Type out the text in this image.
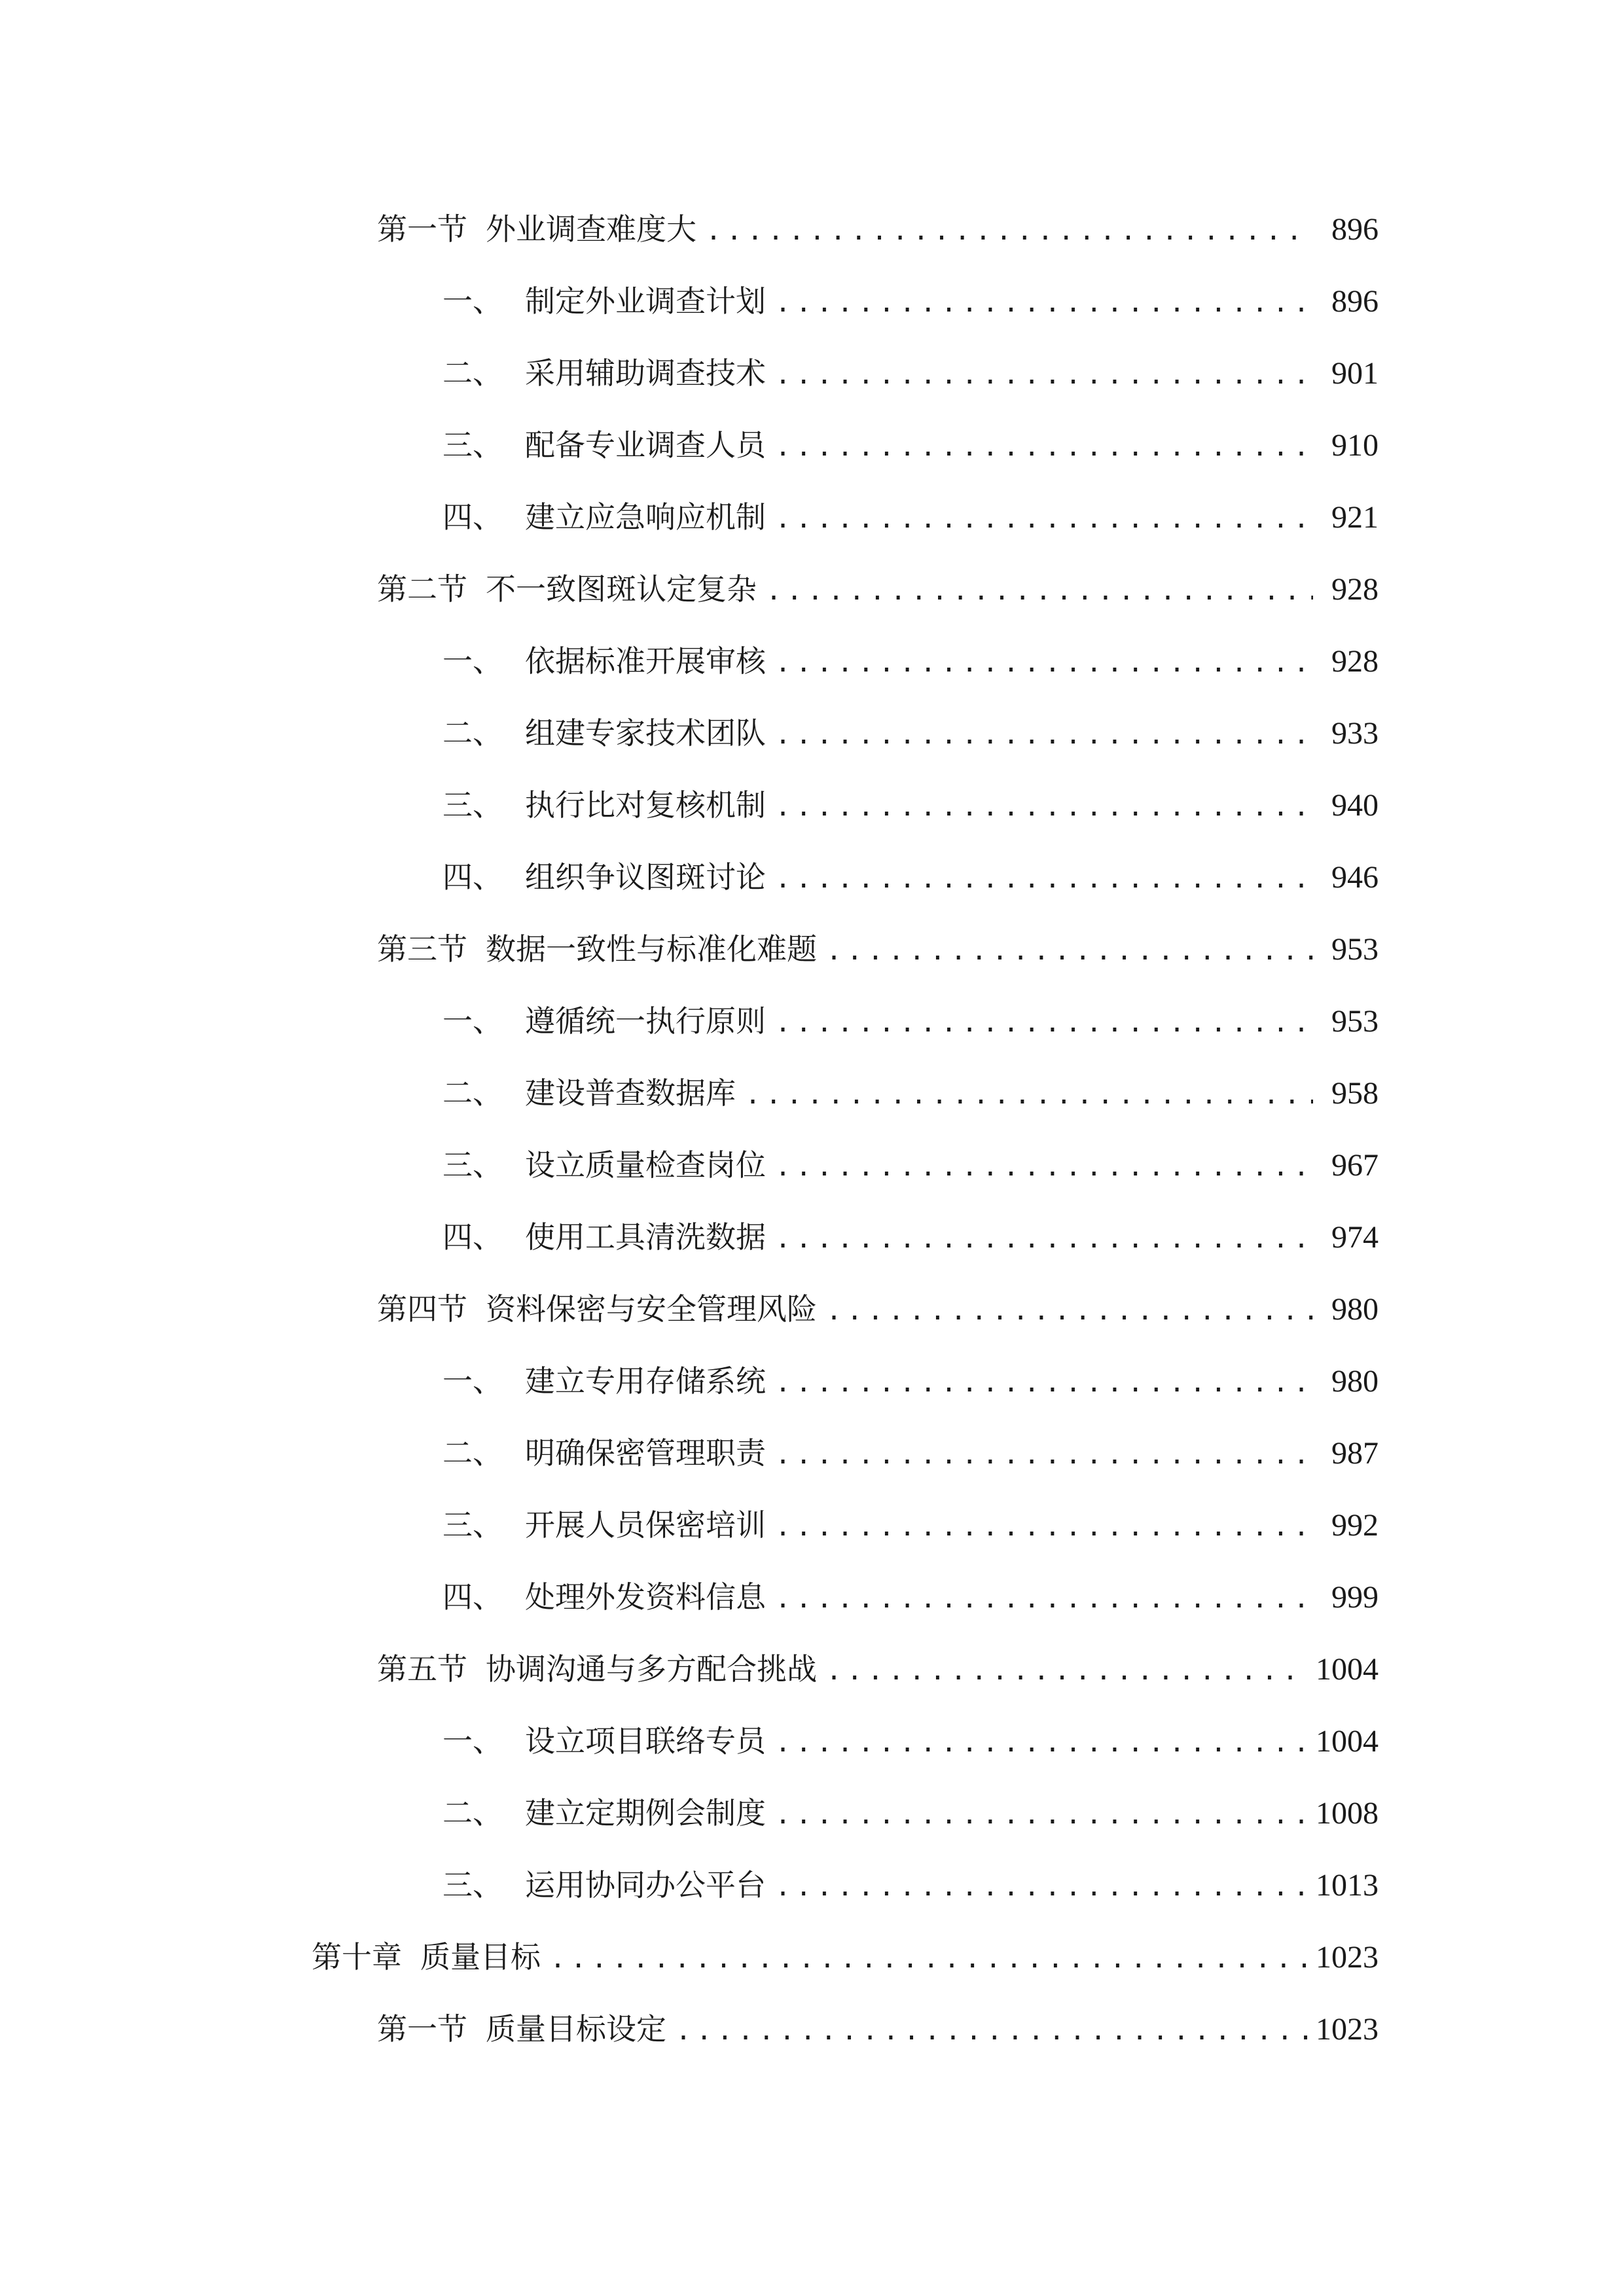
第一节 外业调查难度大 .....	896
一、 制定外业调查计划 .....	896
二、 采用辅助调查技术 .....	901
三、 配备专业调查人员 .....	910
四、 建立应急响应机制 .....	921
第二节 不一致图斑认定复杂 .....	928
一、 依据标准开展审核 .....	928
二、 组建专家技术团队 .....	933
三、 执行比对复核机制 .....	940
四、 组织争议图斑讨论 .....	946
第三节 数据一致性与标准化难题 .....	953
一、 遵循统一执行原则 .....	953
二、 建设普查数据库 .....	958
三、 设立质量检查岗位 .....	967
四、 使用工具清洗数据 .....	974
第四节 资料保密与安全管理风险 .....	980
一、 建立专用存储系统 .....	980
二、 明确保密管理职责 .....	987
三、 开展人员保密培训 .....	992
四、 处理外发资料信息 .....	999
第五节 协调沟通与多方配合挑战 .....	1004
一、 设立项目联络专员 .....	1004
二、 建立定期例会制度 .....	1008
三、 运用协同办公平台 .....	1013
第十章 质量目标 .....	1023
第一节 质量目标设定 .....	1023
